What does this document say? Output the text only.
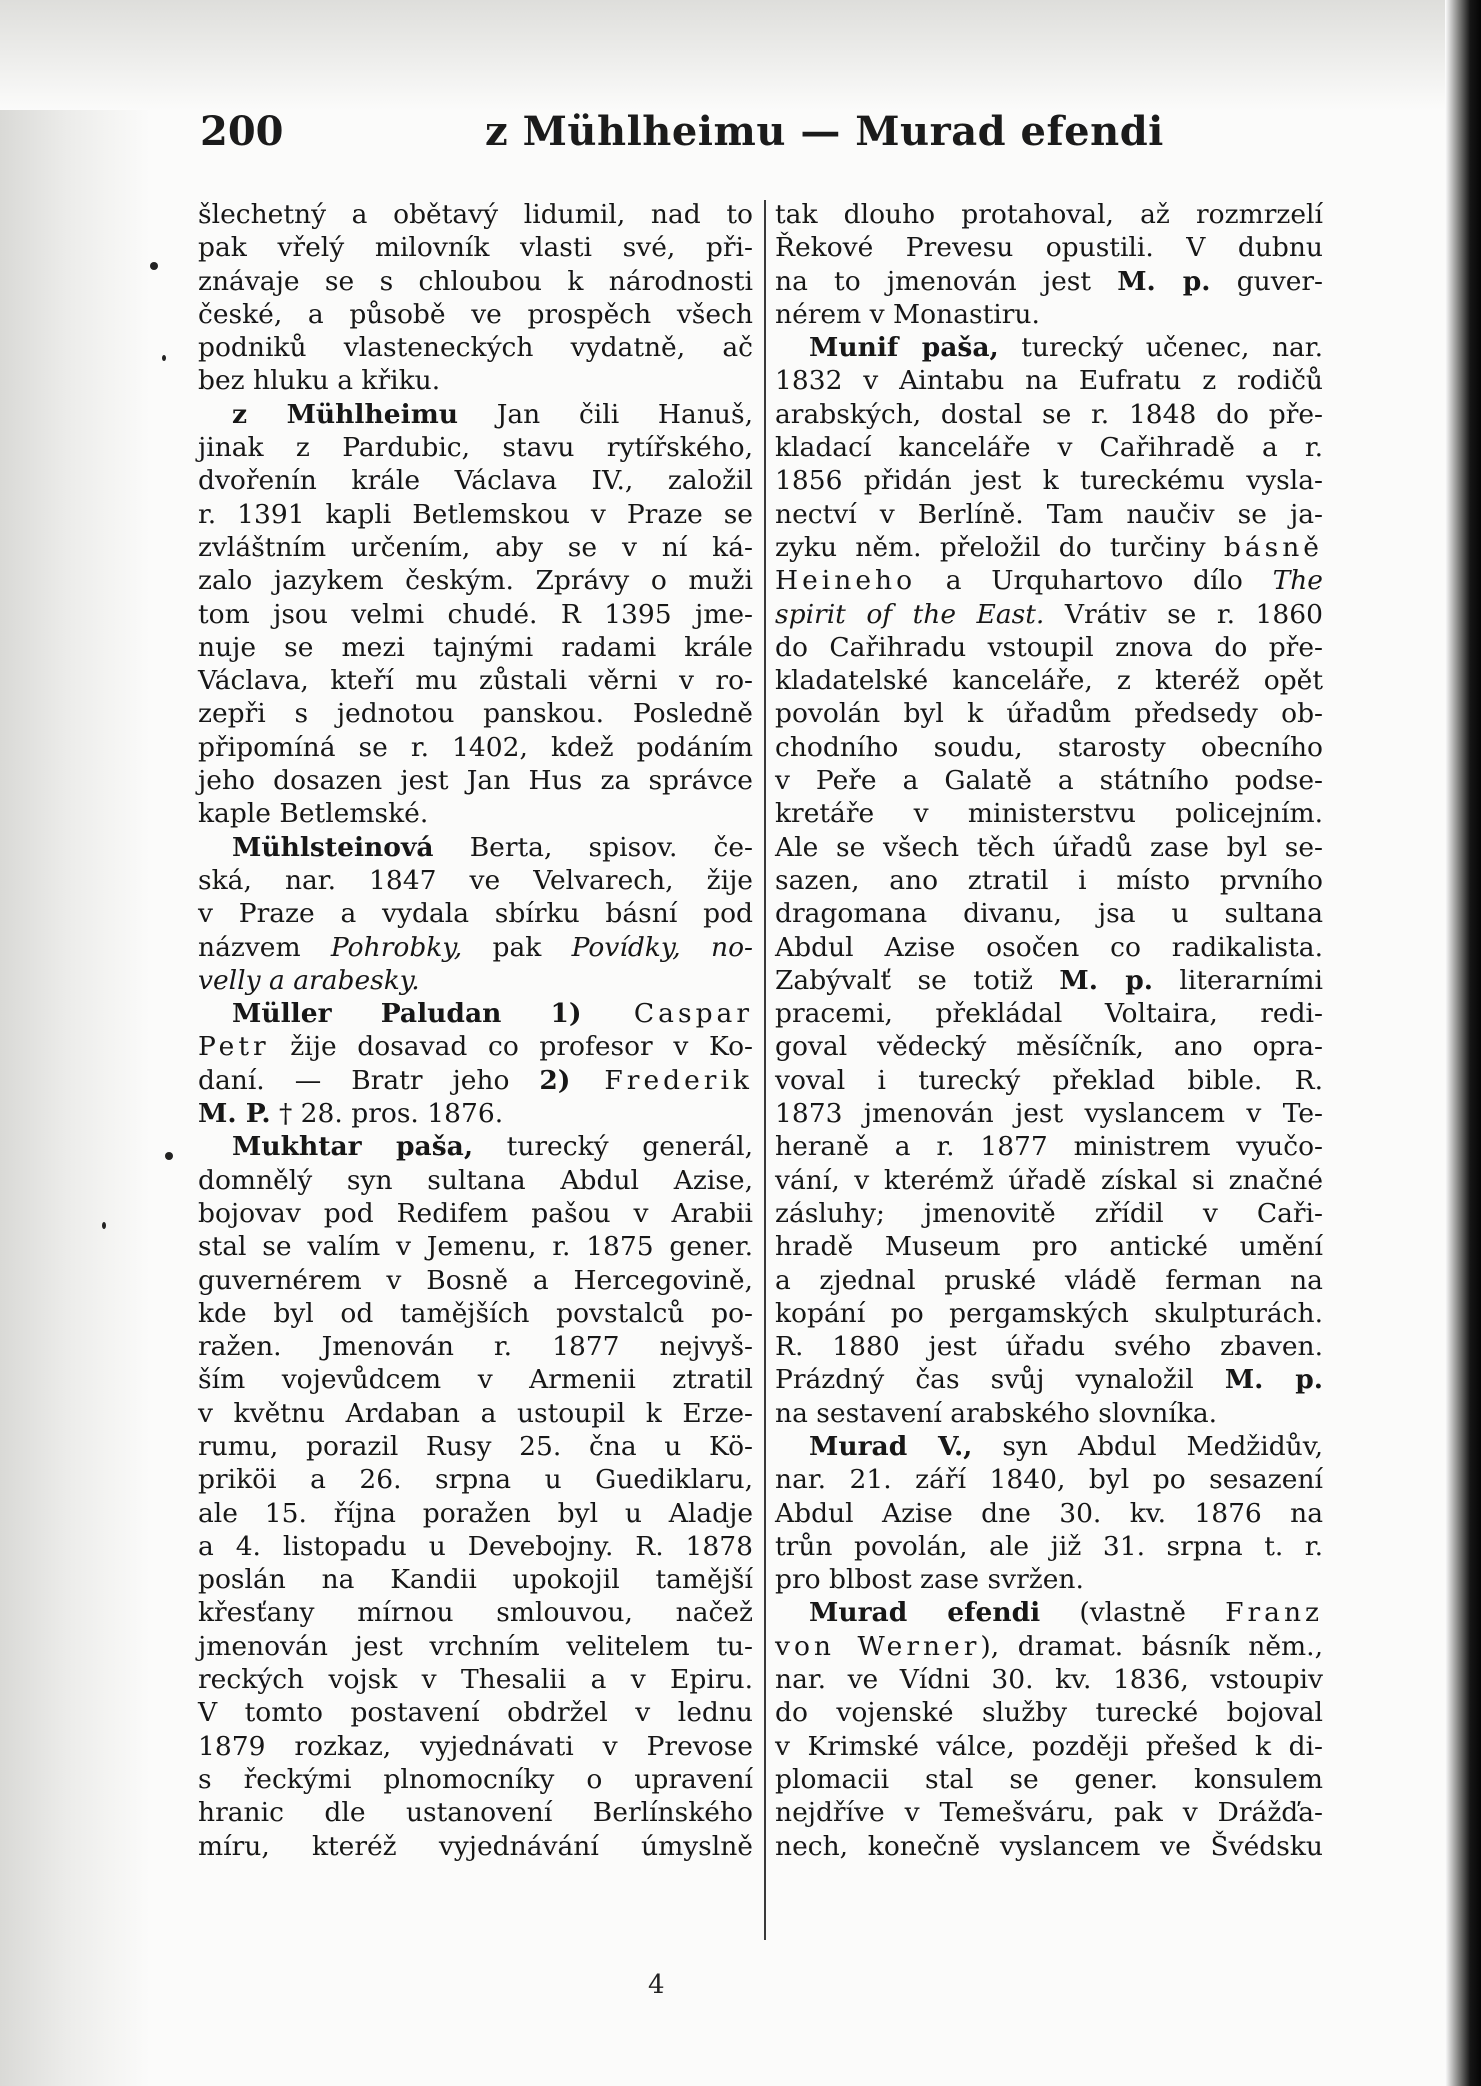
200	z Mühlheimu — Murad efendi
šlechetný a obětavý lidumil, nad to
pak vřelý milovník vlasti své, při-
znávaje se s chloubou k národnosti
české, a působě ve prospěch všech
podniků vlasteneckých vydatně, ač
bez hluku a křiku.
z Mühlheimu Jan čili Hanuš,
jinak z Pardubic, stavu rytířského,
dvořenín krále Václava IV., založil
r. 1391 kapli Betlemskou v Praze se
zvláštním určením, aby se v ní ká-
zalo jazykem českým. Zprávy o muži
tom jsou velmi chudé. R 1395 jme-
nuje se mezi tajnými radami krále
Václava, kteří mu zůstali věrni v ro-
zepři s jednotou panskou. Posledně
připomíná se r. 1402, kdež podáním
jeho dosazen jest Jan Hus za správce
kaple Betlemské.
Mühlsteinová Berta, spisov. če-
ská, nar. 1847 ve Velvarech, žije
v Praze a vydala sbírku básní pod
názvem Pohrobky, pak Povídky, no-
velly a arabesky.
Müller Paludan 1) Caspar
Petr žije dosavad co profesor v Ko-
daní. — Bratr jeho 2) Frederik
M. P. † 28. pros. 1876.
Mukhtar paša, turecký generál,
domnělý syn sultana Abdul Azise,
bojovav pod Redifem pašou v Arabii
stal se valím v Jemenu, r. 1875 gener.
guvernérem v Bosně a Hercegovině,
kde byl od tamějších povstalců po-
ražen. Jmenován r. 1877 nejvyš-
ším vojevůdcem v Armenii ztratil
v květnu Ardaban a ustoupil k Erze-
rumu, porazil Rusy 25. čna u Kö-
priköi a 26. srpna u Guediklaru,
ale 15. října poražen byl u Aladje
a 4. listopadu u Devebojny. R. 1878
poslán na Kandii upokojil tamější
křesťany mírnou smlouvou, načež
jmenován jest vrchním velitelem tu-
reckých vojsk v Thesalii a v Epiru.
V tomto postavení obdržel v lednu
1879 rozkaz, vyjednávati v Prevose
s řeckými plnomocníky o upravení
hranic dle ustanovení Berlínského
míru, kteréž vyjednávání úmyslně
tak dlouho protahoval, až rozmrzelí
Řekové Prevesu opustili. V dubnu
na to jmenován jest M. p. guver-
nérem v Monastiru.
Munif paša, turecký učenec, nar.
1832 v Aintabu na Eufratu z rodičů
arabských, dostal se r. 1848 do pře-
kladací kanceláře v Cařihradě a r.
1856 přidán jest k tureckému vysla-
nectví v Berlíně. Tam naučiv se ja-
zyku něm. přeložil do turčiny básně
Heineho a Urquhartovo dílo The
spirit of the East. Vrátiv se r. 1860
do Cařihradu vstoupil znova do pře-
kladatelské kanceláře, z kteréž opět
povolán byl k úřadům předsedy ob-
chodního soudu, starosty obecního
v Peře a Galatě a státního podse-
kretáře v ministerstvu policejním.
Ale se všech těch úřadů zase byl se-
sazen, ano ztratil i místo prvního
dragomana divanu, jsa u sultana
Abdul Azise osočen co radikalista.
Zabývalť se totiž M. p. literarními
pracemi, překládal Voltaira, redi-
goval vědecký měsíčník, ano opra-
voval i turecký překlad bible. R.
1873 jmenován jest vyslancem v Te-
heraně a r. 1877 ministrem vyučo-
vání, v kterémž úřadě získal si značné
zásluhy; jmenovitě zřídil v Caři-
hradě Museum pro antické umění
a zjednal pruské vládě ferman na
kopání po pergamských skulpturách.
R. 1880 jest úřadu svého zbaven.
Prázdný čas svůj vynaložil M. p.
na sestavení arabského slovníka.
Murad V., syn Abdul Medžidův,
nar. 21. září 1840, byl po sesazení
Abdul Azise dne 30. kv. 1876 na
trůn povolán, ale již 31. srpna t. r.
pro blbost zase svržen.
Murad efendi (vlastně Franz
von Werner), dramat. básník něm.,
nar. ve Vídni 30. kv. 1836, vstoupiv
do vojenské služby turecké bojoval
v Krimské válce, později přešed k di-
plomacii stal se gener. konsulem
nejdříve v Temešváru, pak v Drážďa-
nech, konečně vyslancem ve Švédsku
4
